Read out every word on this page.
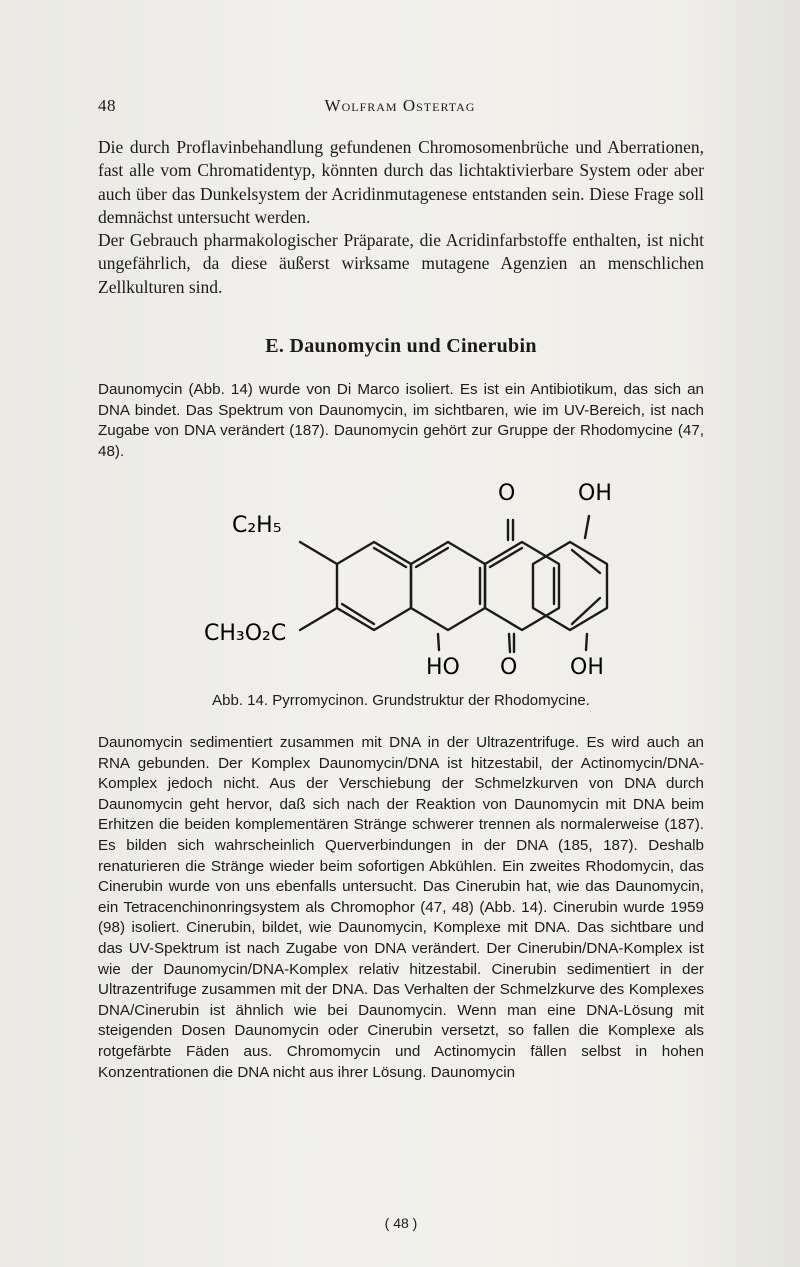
48	Wolfram Ostertag
Die durch Proflavinbehandlung gefundenen Chromosomenbrüche und Aberrationen, fast alle vom Chromatidentyp, könnten durch das lichtaktivierbare System oder aber auch über das Dunkelsystem der Acridinmutagenese entstanden sein. Diese Frage soll demnächst untersucht werden.
Der Gebrauch pharmakologischer Präparate, die Acridinfarbstoffe enthalten, ist nicht ungefährlich, da diese äußerst wirksame mutagene Agenzien an menschlichen Zellkulturen sind.
E. Daunomycin und Cinerubin
Daunomycin (Abb. 14) wurde von Di Marco isoliert. Es ist ein Antibiotikum, das sich an DNA bindet. Das Spektrum von Daunomycin, im sichtbaren, wie im UV-Bereich, ist nach Zugabe von DNA verändert (187). Daunomycin gehört zur Gruppe der Rhodomycine (47, 48).
O	OH
C₂H₅
CH₃O₂C
HO O OH
Abb. 14. Pyrromycinon. Grundstruktur der Rhodomycine.
Daunomycin sedimentiert zusammen mit DNA in der Ultrazentrifuge. Es wird auch an RNA gebunden. Der Komplex Daunomycin/DNA ist hitzestabil, der Actinomycin/DNA-Komplex jedoch nicht. Aus der Verschiebung der Schmelzkurven von DNA durch Daunomycin geht hervor, daß sich nach der Reaktion von Daunomycin mit DNA beim Erhitzen die beiden komplementären Stränge schwerer trennen als normalerweise (187). Es bilden sich wahrscheinlich Querverbindungen in der DNA (185, 187). Deshalb renaturieren die Stränge wieder beim sofortigen Abkühlen. Ein zweites Rhodomycin, das Cinerubin wurde von uns ebenfalls untersucht. Das Cinerubin hat, wie das Daunomycin, ein Tetracenchinonringsystem als Chromophor (47, 48) (Abb. 14). Cinerubin wurde 1959 (98) isoliert. Cinerubin, bildet, wie Daunomycin, Komplexe mit DNA. Das sichtbare und das UV-Spektrum ist nach Zugabe von DNA verändert. Der Cinerubin/DNA-Komplex ist wie der Daunomycin/DNA-Komplex relativ hitzestabil. Cinerubin sedimentiert in der Ultrazentrifuge zusammen mit der DNA. Das Verhalten der Schmelzkurve des Komplexes DNA/Cinerubin ist ähnlich wie bei Daunomycin. Wenn man eine DNA-Lösung mit steigenden Dosen Daunomycin oder Cinerubin versetzt, so fallen die Komplexe als rotgefärbte Fäden aus. Chromomycin und Actinomycin fällen selbst in hohen Konzentrationen die DNA nicht aus ihrer Lösung. Daunomycin
( 48 )
